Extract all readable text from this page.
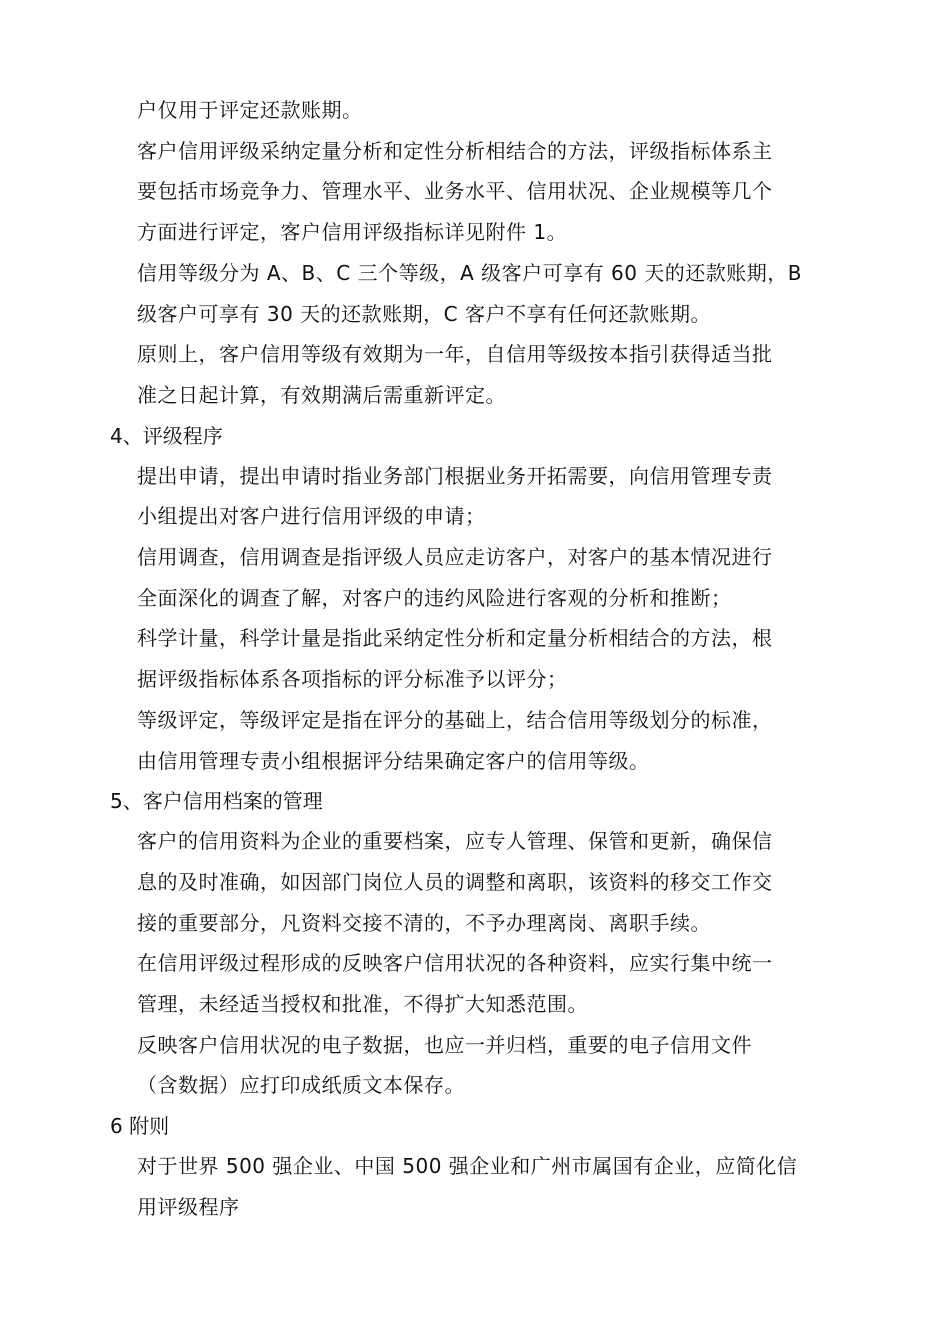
户仅用于评定还款账期。
客户信用评级采纳定量分析和定性分析相结合的方法，评级指标体系主
要包括市场竞争力、管理水平、业务水平、信用状况、企业规模等几个
方面进行评定，客户信用评级指标详见附件 1。
信用等级分为 A、B、C 三个等级，A 级客户可享有 60 天的还款账期，B
级客户可享有 30 天的还款账期，C 客户不享有任何还款账期。
原则上，客户信用等级有效期为一年，自信用等级按本指引获得适当批
准之日起计算，有效期满后需重新评定。
4、评级程序
提出申请，提出申请时指业务部门根据业务开拓需要，向信用管理专责
小组提出对客户进行信用评级的申请；
信用调查，信用调查是指评级人员应走访客户，对客户的基本情况进行
全面深化的调查了解，对客户的违约风险进行客观的分析和推断；
科学计量，科学计量是指此采纳定性分析和定量分析相结合的方法，根
据评级指标体系各项指标的评分标准予以评分；
等级评定，等级评定是指在评分的基础上，结合信用等级划分的标准，
由信用管理专责小组根据评分结果确定客户的信用等级。
5、客户信用档案的管理
客户的信用资料为企业的重要档案，应专人管理、保管和更新，确保信
息的及时准确，如因部门岗位人员的调整和离职，该资料的移交工作交
接的重要部分，凡资料交接不清的，不予办理离岗、离职手续。
在信用评级过程形成的反映客户信用状况的各种资料，应实行集中统一
管理，未经适当授权和批准，不得扩大知悉范围。
反映客户信用状况的电子数据，也应一并归档，重要的电子信用文件
（含数据）应打印成纸质文本保存。
6 附则
对于世界 500 强企业、中国 500 强企业和广州市属国有企业，应简化信
用评级程序
